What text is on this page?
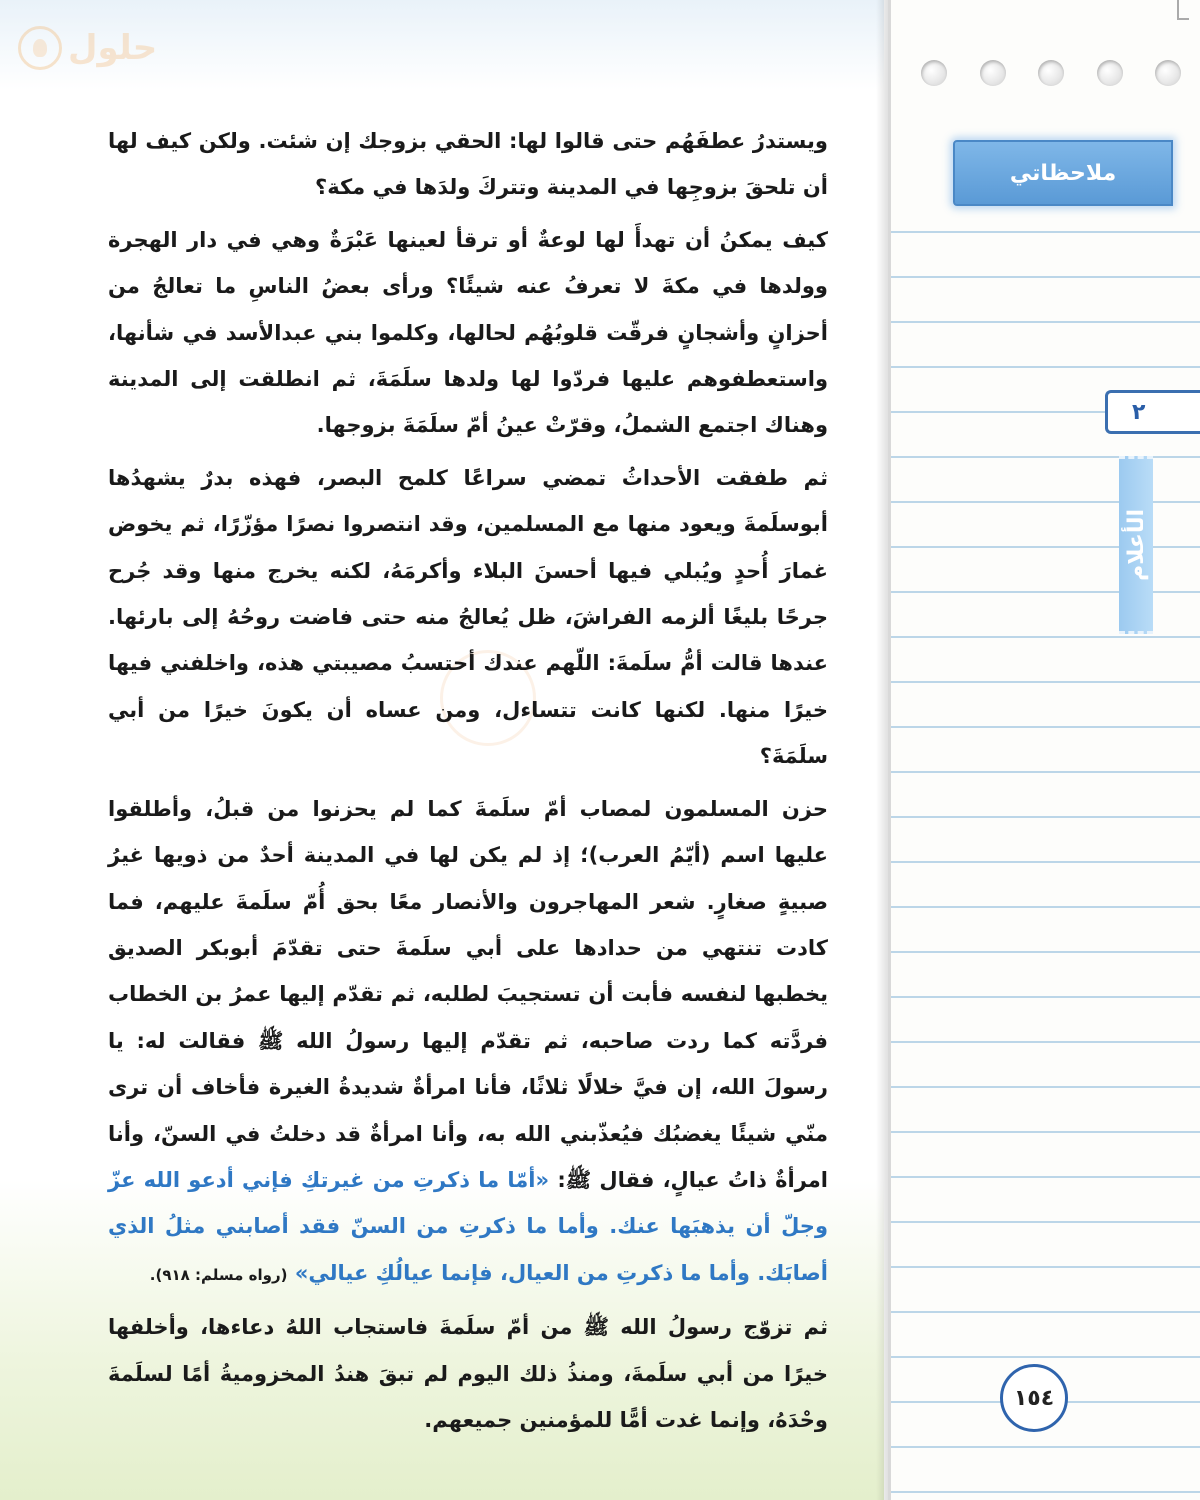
حلول

ويستدرُ عطفَهُم حتى قالوا لها: الحقي بزوجك إن شئت. ولكن كيف لها أن تلحقَ بزوجِها في المدينة وتتركَ ولدَها في مكة؟

كيف يمكنُ أن تهدأَ لها لوعةٌ أو ترقأ لعينها عَبْرَةٌ وهي في دار الهجرة وولدها في مكةَ لا تعرفُ عنه شيئًا؟ ورأى بعضُ الناسِ ما تعالجُ من أحزانٍ وأشجانٍ فرقّت قلوبُهُم لحالها، وكلموا بني عبدالأسد في شأنها، واستعطفوهم عليها فردّوا لها ولدها سلَمَةَ، ثم انطلقت إلى المدينة وهناك اجتمع الشملُ، وقرّتْ عينُ أمّ سلَمَةَ بزوجها.

ثم طفقت الأحداثُ تمضي سراعًا كلمح البصر، فهذه بدرٌ يشهدُها أبوسلَمةَ ويعود منها مع المسلمين، وقد انتصروا نصرًا مؤزّرًا، ثم يخوض غمارَ أُحدٍ ويُبلي فيها أحسنَ البلاء وأكرمَهُ، لكنه يخرج منها وقد جُرح جرحًا بليغًا ألزمه الفراشَ، ظل يُعالجُ منه حتى فاضت روحُهُ إلى بارئها. عندها قالت أمُّ سلَمةَ: اللّهم عندك أحتسبُ مصيبتي هذه، واخلفني فيها خيرًا منها. لكنها كانت تتساءل، ومن عساه أن يكونَ خيرًا من أبي سلَمَةَ؟

حزن المسلمون لمصاب أمّ سلَمةَ كما لم يحزنوا من قبلُ، وأطلقوا عليها اسم (أيّمُ العرب)؛ إذ لم يكن لها في المدينة أحدٌ من ذويها غيرُ صبيةٍ صغارٍ. شعر المهاجرون والأنصار معًا بحق أُمّ سلَمةَ عليهم، فما كادت تنتهي من حدادها على أبي سلَمةَ حتى تقدّمَ أبوبكر الصديق يخطبها لنفسه فأبت أن تستجيبَ لطلبه، ثم تقدّم إليها عمرُ بن الخطاب فردَّته كما ردت صاحبه، ثم تقدّم إليها رسولُ الله ﷺ فقالت له: يا رسولَ الله، إن فيَّ خلالًا ثلاثًا، فأنا امرأةٌ شديدةُ الغيرة فأخاف أن ترى منّي شيئًا يغضبُك فيُعذّبني الله به، وأنا امرأةٌ قد دخلتُ في السنّ، وأنا امرأةٌ ذاتُ عيالٍ، فقال ﷺ: «أمّا ما ذكرتِ من غيرتكِ فإني أدعو الله عزّ وجلّ أن يذهبَها عنك. وأما ما ذكرتِ من السنّ فقد أصابني مثلُ الذي أصابَك. وأما ما ذكرتِ من العيال، فإنما عيالُكِ عيالي» (رواه مسلم: ٩١٨).

ثم تزوّج رسولُ الله ﷺ من أمّ سلَمةَ فاستجاب اللهُ دعاءها، وأخلفها خيرًا من أبي سلَمةَ، ومنذُ ذلك اليوم لم تبقَ هندُ المخزوميةُ أمًا لسلَمةَ وحْدَهُ، وإنما غدت أمًّا للمؤمنين جميعهم.

ملاحظاتي
٢
الأعلام
١٥٤
